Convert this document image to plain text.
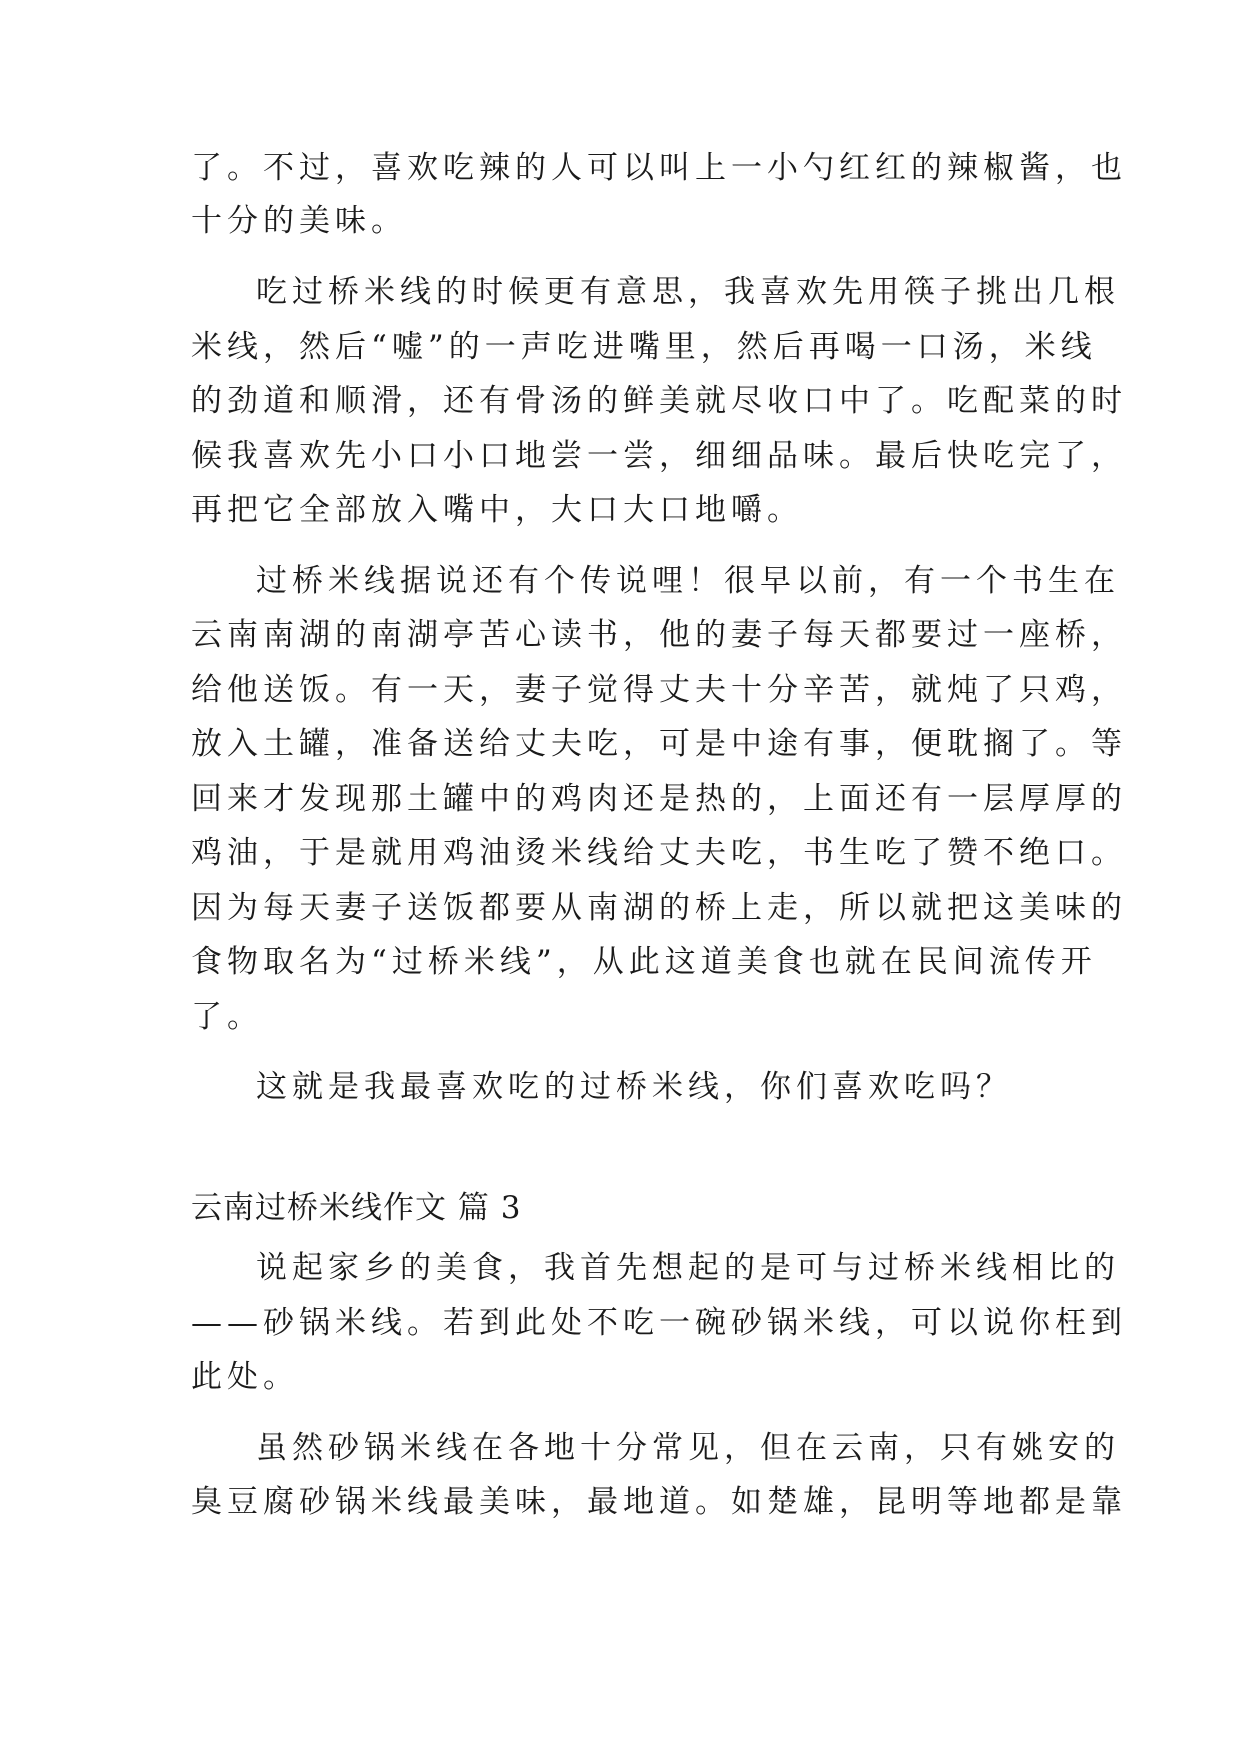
了。不过，喜欢吃辣的人可以叫上一小勺红红的辣椒酱，也
十分的美味。
吃过桥米线的时候更有意思，我喜欢先用筷子挑出几根
米线，然后“嘘”的一声吃进嘴里，然后再喝一口汤，米线
的劲道和顺滑，还有骨汤的鲜美就尽收口中了。吃配菜的时
候我喜欢先小口小口地尝一尝，细细品味。最后快吃完了，
再把它全部放入嘴中，大口大口地嚼。
过桥米线据说还有个传说哩！很早以前，有一个书生在
云南南湖的南湖亭苦心读书，他的妻子每天都要过一座桥，
给他送饭。有一天，妻子觉得丈夫十分辛苦，就炖了只鸡，
放入土罐，准备送给丈夫吃，可是中途有事，便耽搁了。等
回来才发现那土罐中的鸡肉还是热的，上面还有一层厚厚的
鸡油，于是就用鸡油烫米线给丈夫吃，书生吃了赞不绝口。
因为每天妻子送饭都要从南湖的桥上走，所以就把这美味的
食物取名为“过桥米线”，从此这道美食也就在民间流传开
了。
这就是我最喜欢吃的过桥米线，你们喜欢吃吗？
云南过桥米线作文 篇 3
说起家乡的美食，我首先想起的是可与过桥米线相比的
——砂锅米线。若到此处不吃一碗砂锅米线，可以说你枉到
此处。
虽然砂锅米线在各地十分常见，但在云南，只有姚安的
臭豆腐砂锅米线最美味，最地道。如楚雄，昆明等地都是靠
